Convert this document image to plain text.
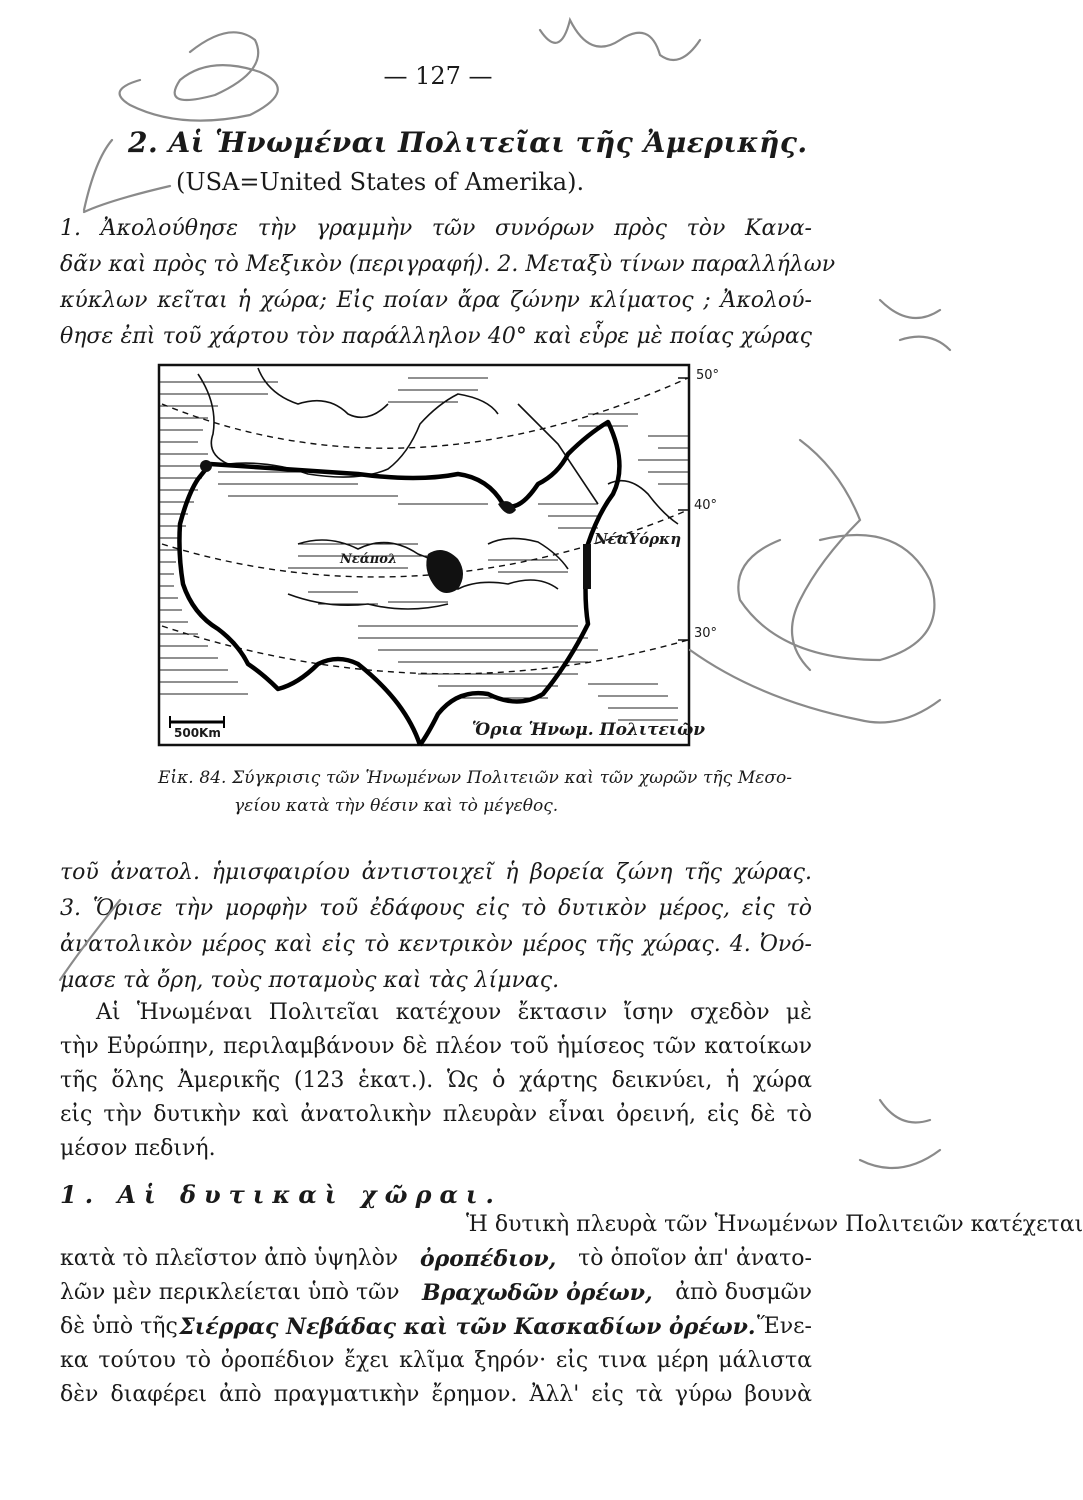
— 127 —
2. Αἱ Ἡνωμέναι Πολιτεῖαι τῆς Ἀμερικῆς.
(USA=United States of Amerika).
1. Ἀκολούθησε τὴν γραμμὴν τῶν συνόρων πρὸς τὸν Κανα-
δᾶν καὶ πρὸς τὸ Μεξικὸν (περιγραφή). 2. Μεταξὺ τίνων παραλλήλων
κύκλων κεῖται ἡ χώρα; Εἰς ποίαν ἄρα ζώνην κλίματος ; Ἀκολού-
θησε ἐπὶ τοῦ χάρτου τὸν παράλληλον 40° καὶ εὗρε μὲ ποίας χώρας
50°
40°
30°
500Km
ΝέαΥόρκη
Νεάπολ
Ὅρια Ἡνωμ. Πολιτειῶν
Εἰκ. 84. Σύγκρισις τῶν Ἡνωμένων Πολιτειῶν καὶ τῶν χωρῶν τῆς Μεσο-
γείου κατὰ τὴν θέσιν καὶ τὸ μέγεθος.
τοῦ ἀνατολ. ἡμισφαιρίου ἀντιστοιχεῖ ἡ βορεία ζώνη τῆς χώρας.
3. Ὅρισε τὴν μορφὴν τοῦ ἐδάφους εἰς τὸ δυτικὸν μέρος, εἰς τὸ
ἀνατολικὸν μέρος καὶ εἰς τὸ κεντρικὸν μέρος τῆς χώρας. 4. Ὀνό-
μασε τὰ ὄρη, τοὺς ποταμοὺς καὶ τὰς λίμνας.
Αἱ Ἡνωμέναι Πολιτεῖαι κατέχουν ἔκτασιν ἴσην σχεδὸν μὲ
τὴν Εὐρώπην, περιλαμβάνουν δὲ πλέον τοῦ ἡμίσεος τῶν κατοίκων
τῆς ὅλης Ἀμερικῆς (123 ἑκατ.). Ὡς ὁ χάρτης δεικνύει, ἡ χώρα
εἰς τὴν δυτικὴν καὶ ἀνατολικὴν πλευρὰν εἶναι ὀρεινή, εἰς δὲ τὸ
μέσον πεδινή.
1. Αἱ δυτικαὶ χῶραι.
Ἡ δυτικὴ πλευρὰ τῶν Ἡνωμένων Πολιτειῶν κατέχεται
κατὰ τὸ πλεῖστον ἀπὸ ὑψηλὸν ὀροπέδιον, τὸ ὁποῖον ἀπ' ἀνατο-
λῶν μὲν περικλείεται ὑπὸ τῶν Βραχωδῶν ὀρέων, ἀπὸ δυσμῶν
δὲ ὑπὸ τῆς Σιέρρας Νεβάδας καὶ τῶν Κασκαδίων ὀρέων. Ἕνε-
κα τούτου τὸ ὀροπέδιον ἔχει κλῖμα ξηρόν· εἰς τινα μέρη μάλιστα
δὲν διαφέρει ἀπὸ πραγματικὴν ἔρημον. Ἀλλ' εἰς τὰ γύρω βουνὰ
